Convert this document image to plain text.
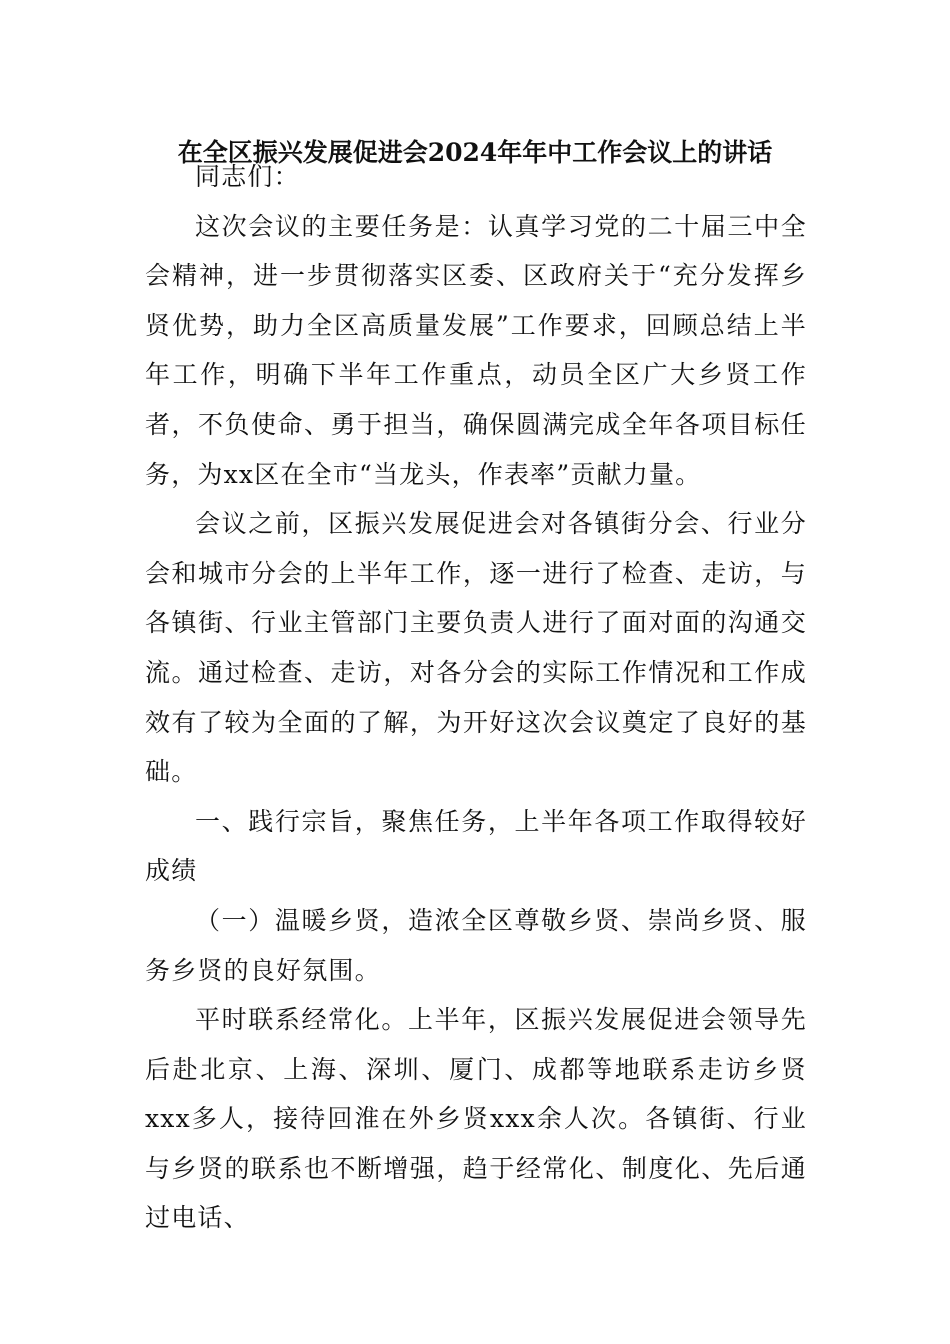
在全区振兴发展促进会2024年年中工作会议上的讲话

同志们：

这次会议的主要任务是：认真学习党的二十届三中全会精神，进一步贯彻落实区委、区政府关于“充分发挥乡贤优势，助力全区高质量发展”工作要求，回顾总结上半年工作，明确下半年工作重点，动员全区广大乡贤工作者，不负使命、勇于担当，确保圆满完成全年各项目标任务，为xx区在全市“当龙头，作表率”贡献力量。

会议之前，区振兴发展促进会对各镇街分会、行业分会和城市分会的上半年工作，逐一进行了检查、走访，与各镇街、行业主管部门主要负责人进行了面对面的沟通交流。通过检查、走访，对各分会的实际工作情况和工作成效有了较为全面的了解，为开好这次会议奠定了良好的基础。

一、践行宗旨，聚焦任务，上半年各项工作取得较好成绩

（一）温暖乡贤，造浓全区尊敬乡贤、崇尚乡贤、服务乡贤的良好氛围。

平时联系经常化。上半年，区振兴发展促进会领导先后赴北京、上海、深圳、厦门、成都等地联系走访乡贤xxx多人，接待回淮在外乡贤xxx余人次。各镇街、行业与乡贤的联系也不断增强，趋于经常化、制度化、先后通过电话、
